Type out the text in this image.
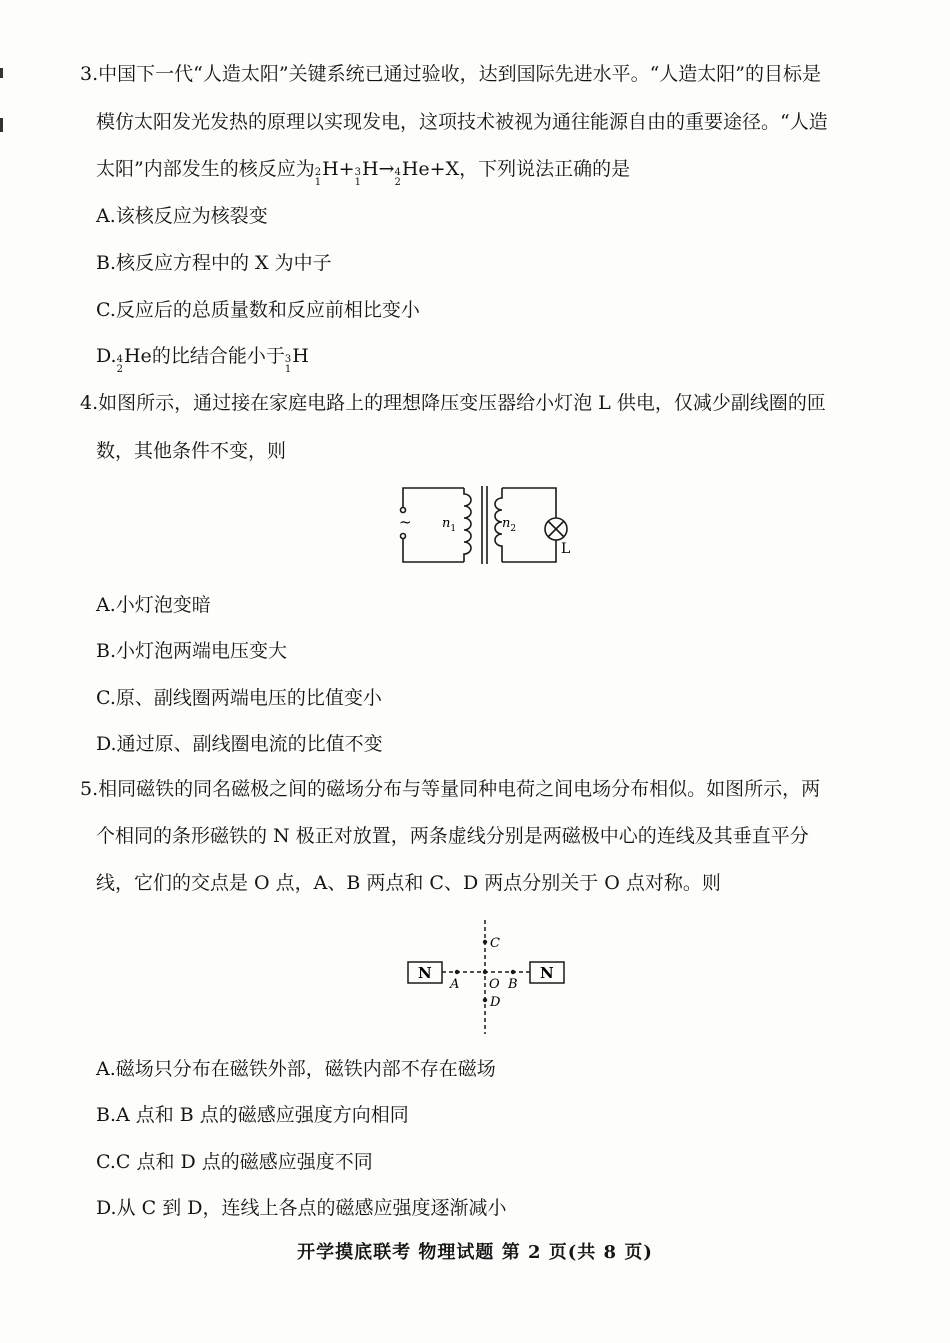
3.中国下一代“人造太阳”关键系统已通过验收，达到国际先进水平。“人造太阳”的目标是
模仿太阳发光发热的原理以实现发电，这项技术被视为通往能源自由的重要途径。“人造
太阳”内部发生的核反应为 2
1
H + 3
1
H → 4
2
He +X，下列说法正确的是
A.该核反应为核裂变
B.核反应方程中的 X 为中子
C.反应后的总质量数和反应前相比变小
D. 4
2
He 的比结合能小于 3
1
H
4.如图所示，通过接在家庭电路上的理想降压变压器给小灯泡 L 供电，仅减少副线圈的匝
数，其他条件不变，则
~ $n_1$	$n_2$
L
A.小灯泡变暗
B.小灯泡两端电压变大
C.原、副线圈两端电压的比值变小
D.通过原、副线圈电流的比值不变
5.相同磁铁的同名磁极之间的磁场分布与等量同种电荷之间电场分布相似。如图所示，两
个相同的条形磁铁的 N 极正对放置，两条虚线分别是两磁极中心的连线及其垂直平分
线，它们的交点是 O 点，A、B 两点和 C、D 两点分别关于 O 点对称。则
N	N
A	B
C
D
O
A.磁场只分布在磁铁外部，磁铁内部不存在磁场
B.A 点和 B 点的磁感应强度方向相同
C.C 点和 D 点的磁感应强度不同
D.从 C 到 D，连线上各点的磁感应强度逐渐减小
开学摸底联考 物理试题 第 2 页(共 8 页)
